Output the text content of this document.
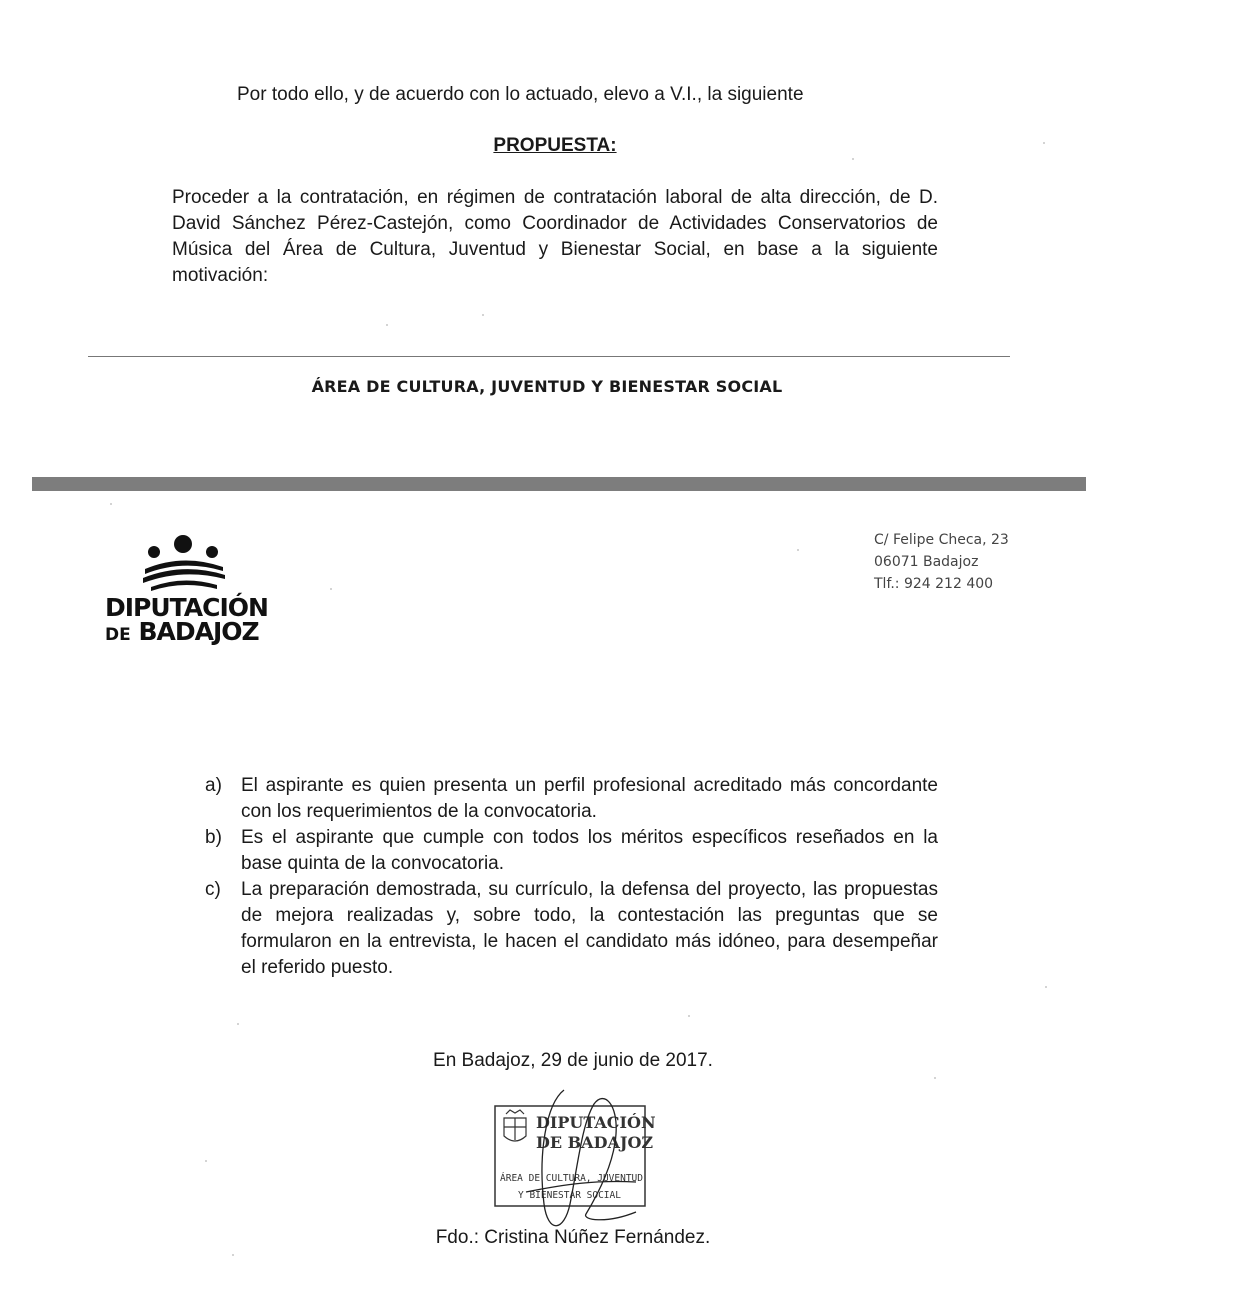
Por todo ello, y de acuerdo con lo actuado, elevo a V.I., la siguiente
PROPUESTA:
Proceder a la contratación, en régimen de contratación laboral de alta dirección, de D. David Sánchez Pérez-Castejón, como Coordinador de Actividades Conservatorios de Música del Área de Cultura, Juventud y Bienestar Social, en base a la siguiente motivación:
ÁREA DE CULTURA, JUVENTUD Y BIENESTAR SOCIAL
DIPUTACIÓN
DE BADAJOZ
C/ Felipe Checa, 23
06071 Badajoz
Tlf.: 924 212 400
a)	El aspirante es quien presenta un perfil profesional acreditado más concordante con los requerimientos de la convocatoria.
b)	Es el aspirante que cumple con todos los méritos específicos reseñados en la base quinta de la convocatoria.
c)	La preparación demostrada, su currículo, la defensa del proyecto, las propuestas de mejora realizadas y, sobre todo, la contestación las preguntas que se formularon en la entrevista, le hacen el candidato más idóneo, para desempeñar el referido puesto.
En Badajoz, 29 de junio de 2017.
DIPUTACIÓN
DE BADAJOZ
ÁREA DE CULTURA, JUVENTUD
Y BIENESTAR SOCIAL
Fdo.: Cristina Núñez Fernández.
